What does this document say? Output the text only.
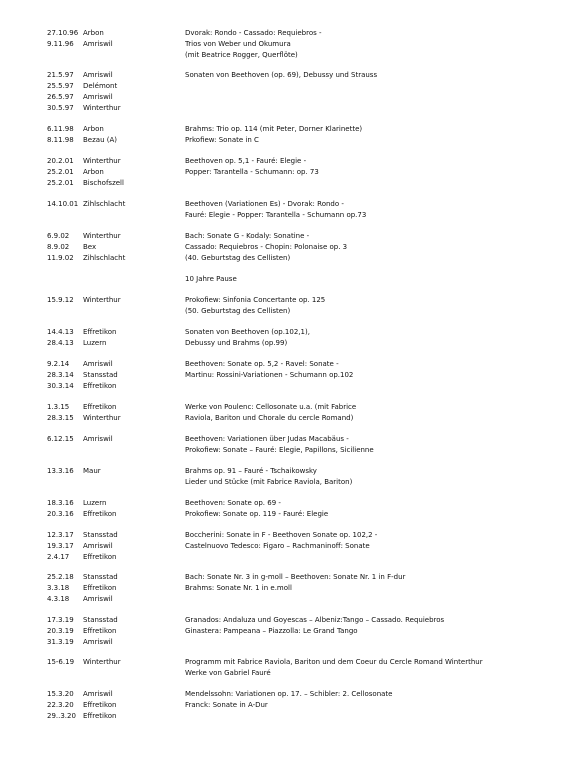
27.10.96 Arbon	Dvorak: Rondo - Cassado: Requiebros -
9.11.96	Amriswil	Trios von Weber und Okumura
(mit Beatrice Rogger, Querflöte)
21.5.97	Amriswil	Sonaten von Beethoven (op. 69), Debussy und Strauss
25.5.97	Delémont
26.5.97	Amriswil
30.5.97	Winterthur
6.11.98	Arbon	Brahms: Trio op. 114 (mit Peter, Dorner Klarinette)
8.11.98	Bezau (A)	Prkofiew: Sonate in C
20.2.01	Winterthur	Beethoven op. 5,1 - Fauré: Elegie -
25.2.01	Arbon	Popper: Tarantella - Schumann: op. 73
25.2.01	Bischofszell
14.10.01 Zihlschlacht	Beethoven (Variationen Es) - Dvorak: Rondo -
Fauré: Elegie - Popper: Tarantella - Schumann op.73
6.9.02	Winterthur	Bach: Sonate G - Kodaly: Sonatine -
8.9.02	Bex	Cassado: Requiebros - Chopin: Polonaise op. 3
11.9.02	Zihlschlacht	(40. Geburtstag des Cellisten)
10 Jahre Pause
15.9.12	Winterthur	Prokofiew: Sinfonia Concertante op. 125
(50. Geburtstag des Cellisten)
14.4.13	Effretikon	Sonaten von Beethoven (op.102,1),
28.4.13	Luzern	Debussy und Brahms (op.99)
9.2.14	Amriswil	Beethoven: Sonate op. 5,2 - Ravel: Sonate -
28.3.14	Stansstad	Martinu: Rossini-Variationen - Schumann op.102
30.3.14	Effretikon
1.3.15	Effretikon	Werke von Poulenc: Cellosonate u.a. (mit Fabrice
28.3.15	Winterthur	Raviola, Bariton und Chorale du cercle Romand)
6.12.15	Amriswil	Beethoven: Variationen über Judas Macabäus -
Prokofiew: Sonate – Fauré: Elegie, Papillons, Sicilienne
13.3.16	Maur	Brahms op. 91 – Fauré - Tschaikowsky
Lieder und Stücke (mit Fabrice Raviola, Bariton)
18.3.16	Luzern	Beethoven: Sonate op. 69 -
20.3.16	Effretikon	Prokofiew: Sonate op. 119 - Fauré: Elegie
12.3.17	Stansstad	Boccherini: Sonate in F - Beethoven Sonate op. 102,2 -
19.3.17	Amriswil	Castelnuovo Tedesco: Figaro – Rachmaninoff: Sonate
2.4.17	Effretikon
25.2.18	Stansstad	Bach: Sonate Nr. 3 in g-moll – Beethoven: Sonate Nr. 1 in F-dur
3.3.18	Effretikon	Brahms: Sonate Nr. 1 in e.moll
4.3.18	Amriswil
17.3.19	Stansstad	Granados: Andaluza und Goyescas – Albeniz:Tango – Cassado. Requiebros
20.3.19	Effretikon	Ginastera: Pampeana – Piazzolla: Le Grand Tango
31.3.19	Amriswil
15-6.19	Winterthur	Programm mit Fabrice Raviola, Bariton und dem Coeur du Cercle Romand Winterthur
Werke von Gabriel Fauré
15.3.20	Amriswil	Mendelssohn: Variationen op. 17. – Schibler: 2. Cellosonate
22.3.20	Effretikon	Franck: Sonate in A-Dur
29..3.20	Effretikon
